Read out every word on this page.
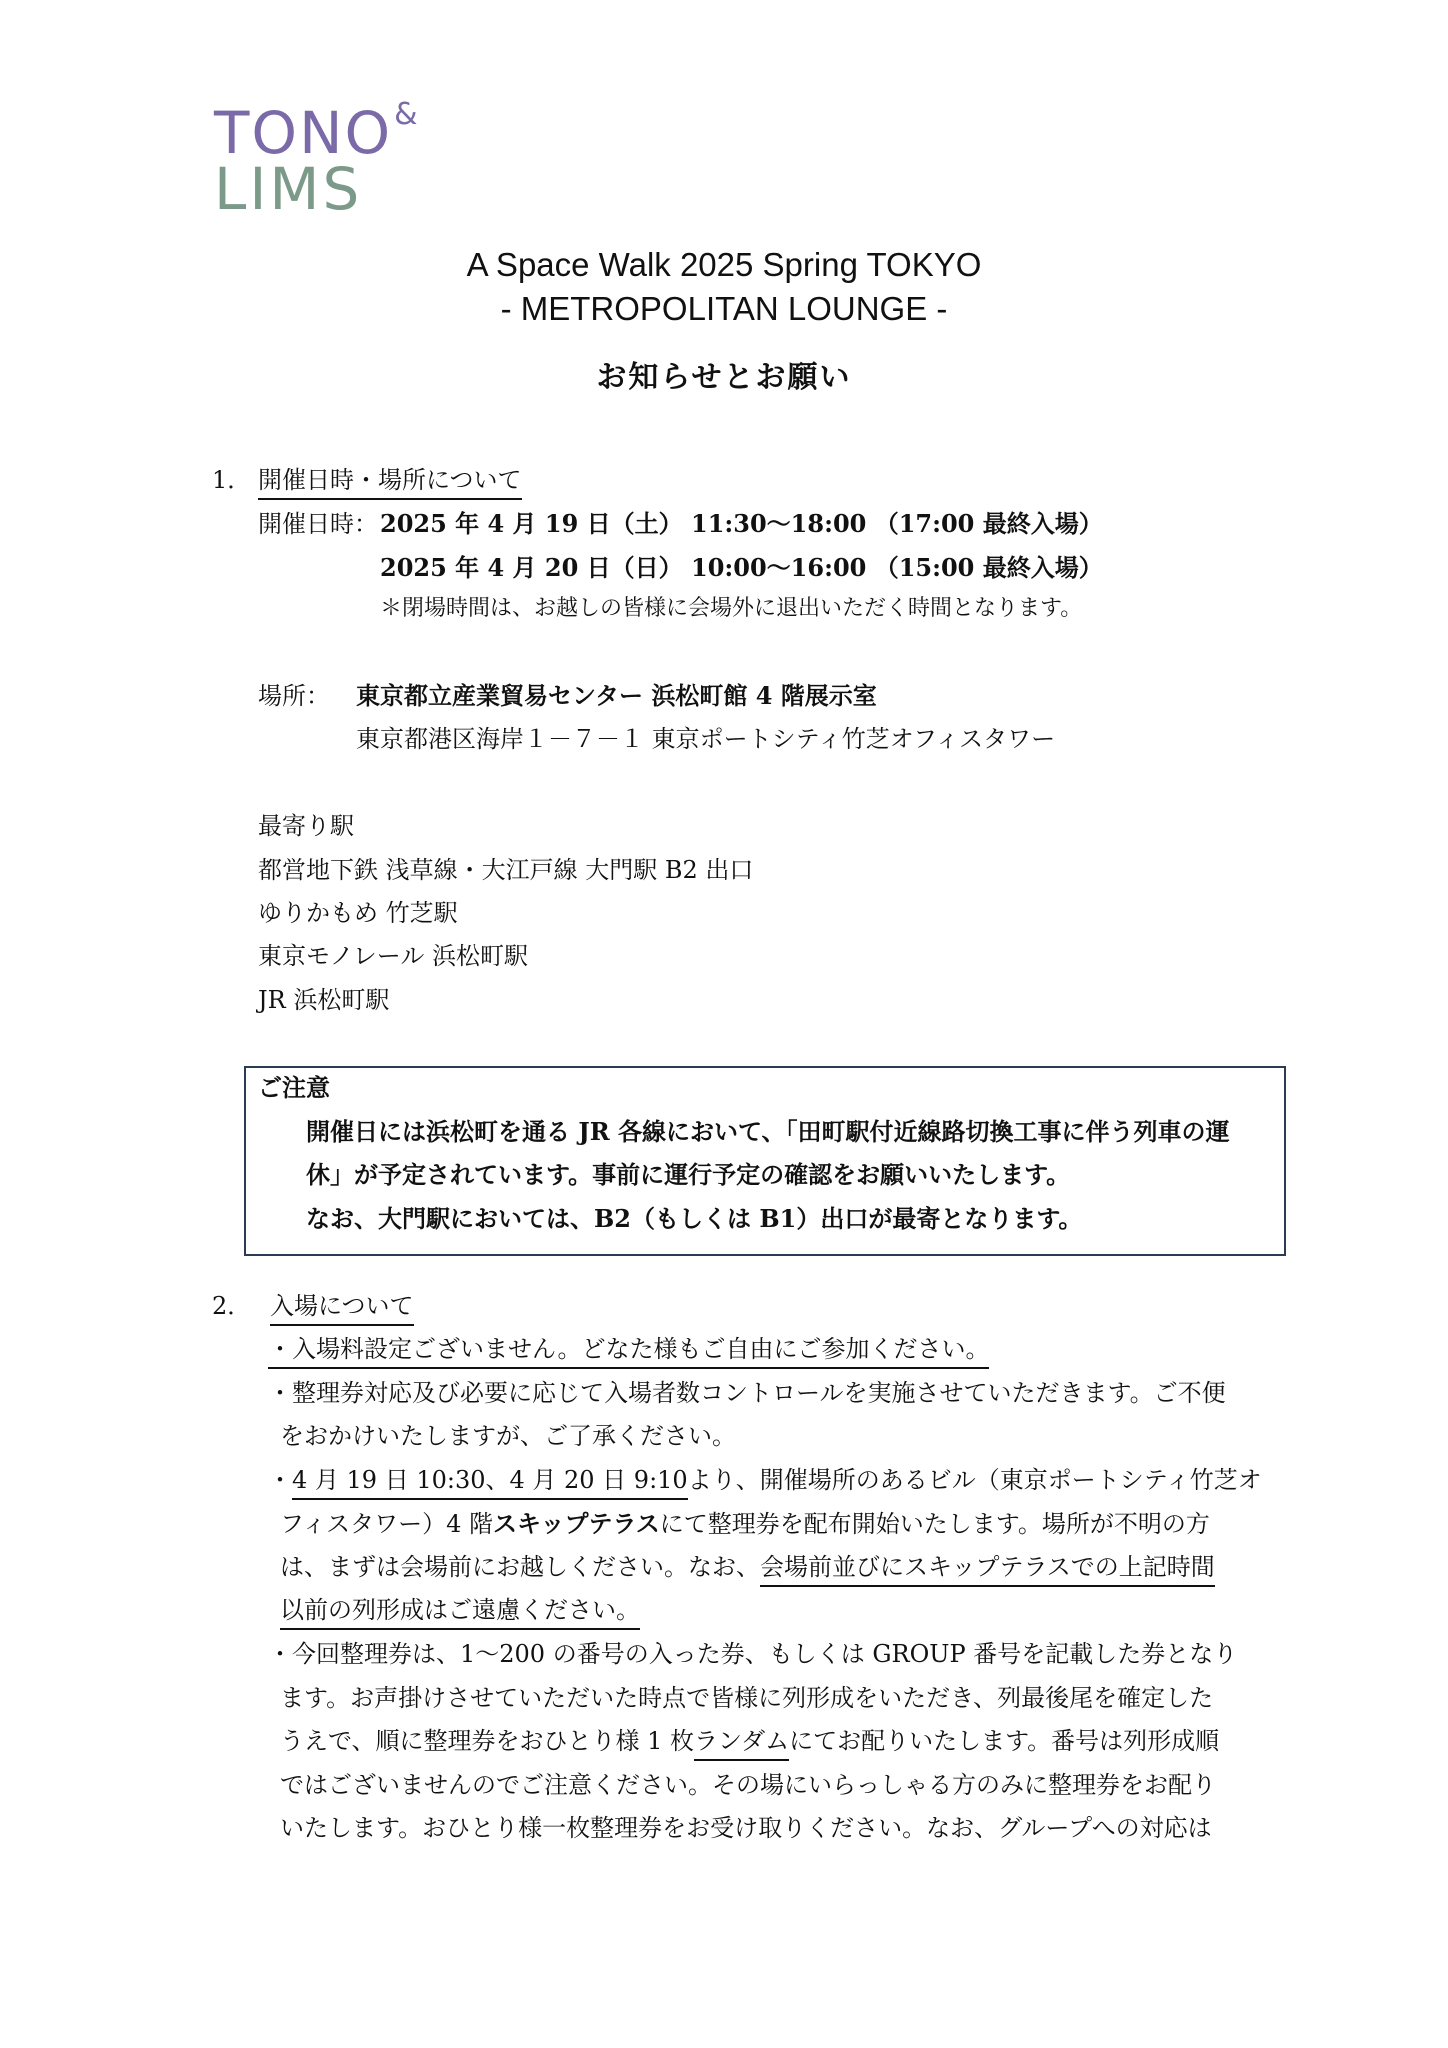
TONO&
LIMS
A Space Walk 2025 Spring TOKYO
- METROPOLITAN LOUNGE -
お知らせとお願い
1． 開催日時・場所について
開催日時： 2025 年 4 月 19 日（土） 11:30～18:00 （17:00 最終入場）
2025 年 4 月 20 日（日） 10:00～16:00 （15:00 最終入場）
＊閉場時間は、お越しの皆様に会場外に退出いただく時間となります。
場所： 東京都立産業貿易センター 浜松町館 4 階展示室
東京都港区海岸１－７－１ 東京ポートシティ竹芝オフィスタワー
最寄り駅
都営地下鉄 浅草線・大江戸線 大門駅 B2 出口
ゆりかもめ 竹芝駅
東京モノレール 浜松町駅
JR 浜松町駅
ご注意
開催日には浜松町を通る JR 各線において、「田町駅付近線路切換工事に伴う列車の運
休」が予定されています。事前に運行予定の確認をお願いいたします。
なお、大門駅においては、B2（もしくは B1）出口が最寄となります。
2． 入場について
・入場料設定ございません。どなた様もご自由にご参加ください。
・整理券対応及び必要に応じて入場者数コントロールを実施させていただきます。ご不便
をおかけいたしますが、ご了承ください。
・4 月 19 日 10:30、4 月 20 日 9:10より、開催場所のあるビル（東京ポートシティ竹芝オ
フィスタワー）4 階スキップテラスにて整理券を配布開始いたします。場所が不明の方
は、まずは会場前にお越しください。なお、会場前並びにスキップテラスでの上記時間
以前の列形成はご遠慮ください。
・今回整理券は、1～200 の番号の入った券、もしくは GROUP 番号を記載した券となり
ます。お声掛けさせていただいた時点で皆様に列形成をいただき、列最後尾を確定した
うえで、順に整理券をおひとり様 1 枚ランダムにてお配りいたします。番号は列形成順
ではございませんのでご注意ください。その場にいらっしゃる方のみに整理券をお配り
いたします。おひとり様一枚整理券をお受け取りください。なお、グループへの対応は
